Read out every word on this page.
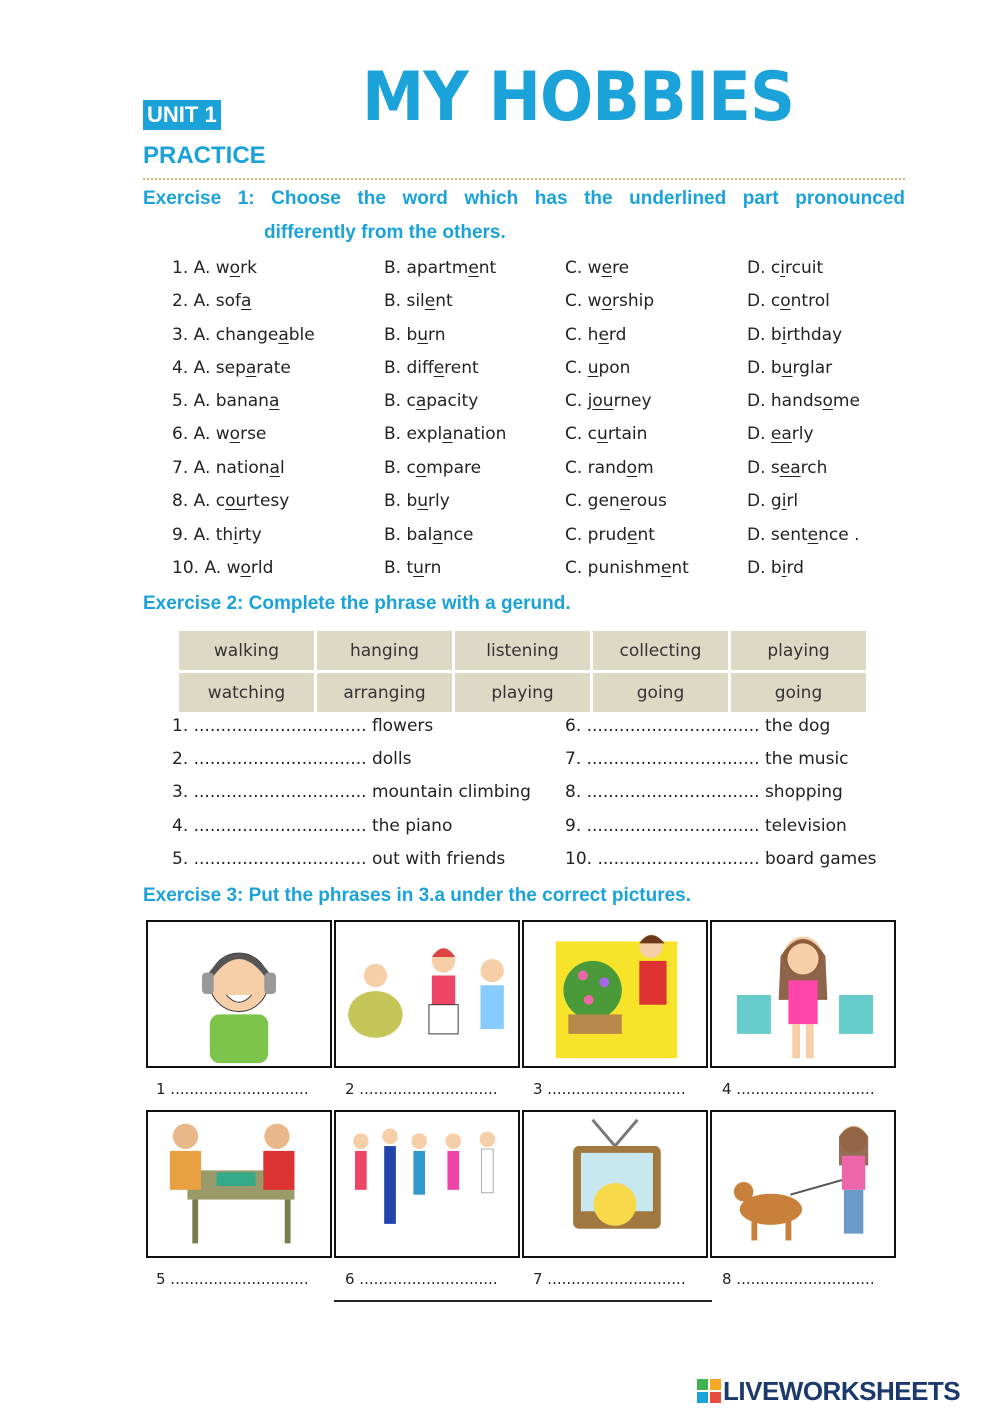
UNIT 1 MY HOBBIES
PRACTICE
Exercise 1: Choose the word which has the underlined part pronounced
differently from the others.
1. A. work	B. apartment	C. were	D. circuit
2. A. sofa	B. silent	C. worship	D. control
3. A. changeable	B. burn	C. herd	D. birthday
4. A. separate	B. different	C. upon	D. burglar
5. A. banana	B. capacity	C. journey	D. handsome
6. A. worse	B. explanation	C. curtain	D. early
7. A. national	B. compare	C. random	D. search
8. A. courtesy	B. burly	C. generous	D. girl
9. A. thirty	B. balance	C. prudent	D. sentence .
10. A. world	B. turn	C. punishment	D. bird
Exercise 2: Complete the phrase with a gerund.
walking	hanging	listening	collecting	playing
watching	arranging	playing	going	going
1. ................................ flowers
2. ................................ dolls
3. ................................ mountain climbing
4. ................................ the piano
5. ................................ out with friends
6. ................................ the dog
7. ................................ the music
8. ................................ shopping
9. ................................ television
10. .............................. board games
Exercise 3: Put the phrases in 3.a under the correct pictures.
1 ............................. 2 ............................. 3 ............................. 4 .............................
5 ............................. 6 ............................. 7 ............................. 8 .............................
LIVEWORKSHEETS
